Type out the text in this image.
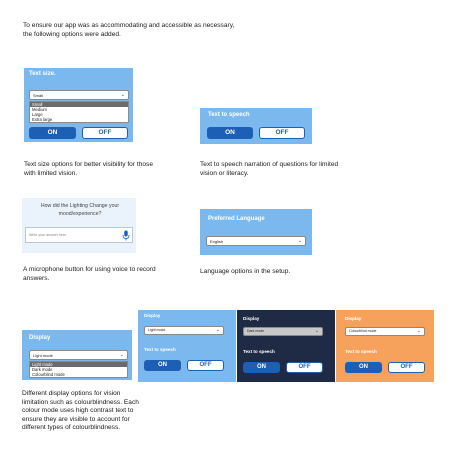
To ensure our app was as accommodating and accessible as necessary, the following options were added.
Text size.
Small	⌄
Small
Medium
Large
Extra large
ON	OFF
Text size options for better visibility for those with limited vision.
Text to speech
ON	OFF
Text to speech narration of questions for limited vision or literacy.
How did the Lighting Change your mood/experience?
Write your answer here
A microphone button for using voice to record answers.
Preferred Language
English	⌄
Language options in the setup.
Display
Light mode	⌄
Light mode
Dark mode
Colourblind mode
Different display options for vision limitation such as colourblindness. Each colour mode uses high contrast text to ensure they are visible to account for different types of colourblindness.
Display
Light mode	⌄
Text to speech
ON	OFF
Display
Dark mode	⌄
Text to speech
ON	OFF
Display
Colourblind mode	⌄
Text to speech
ON	OFF
